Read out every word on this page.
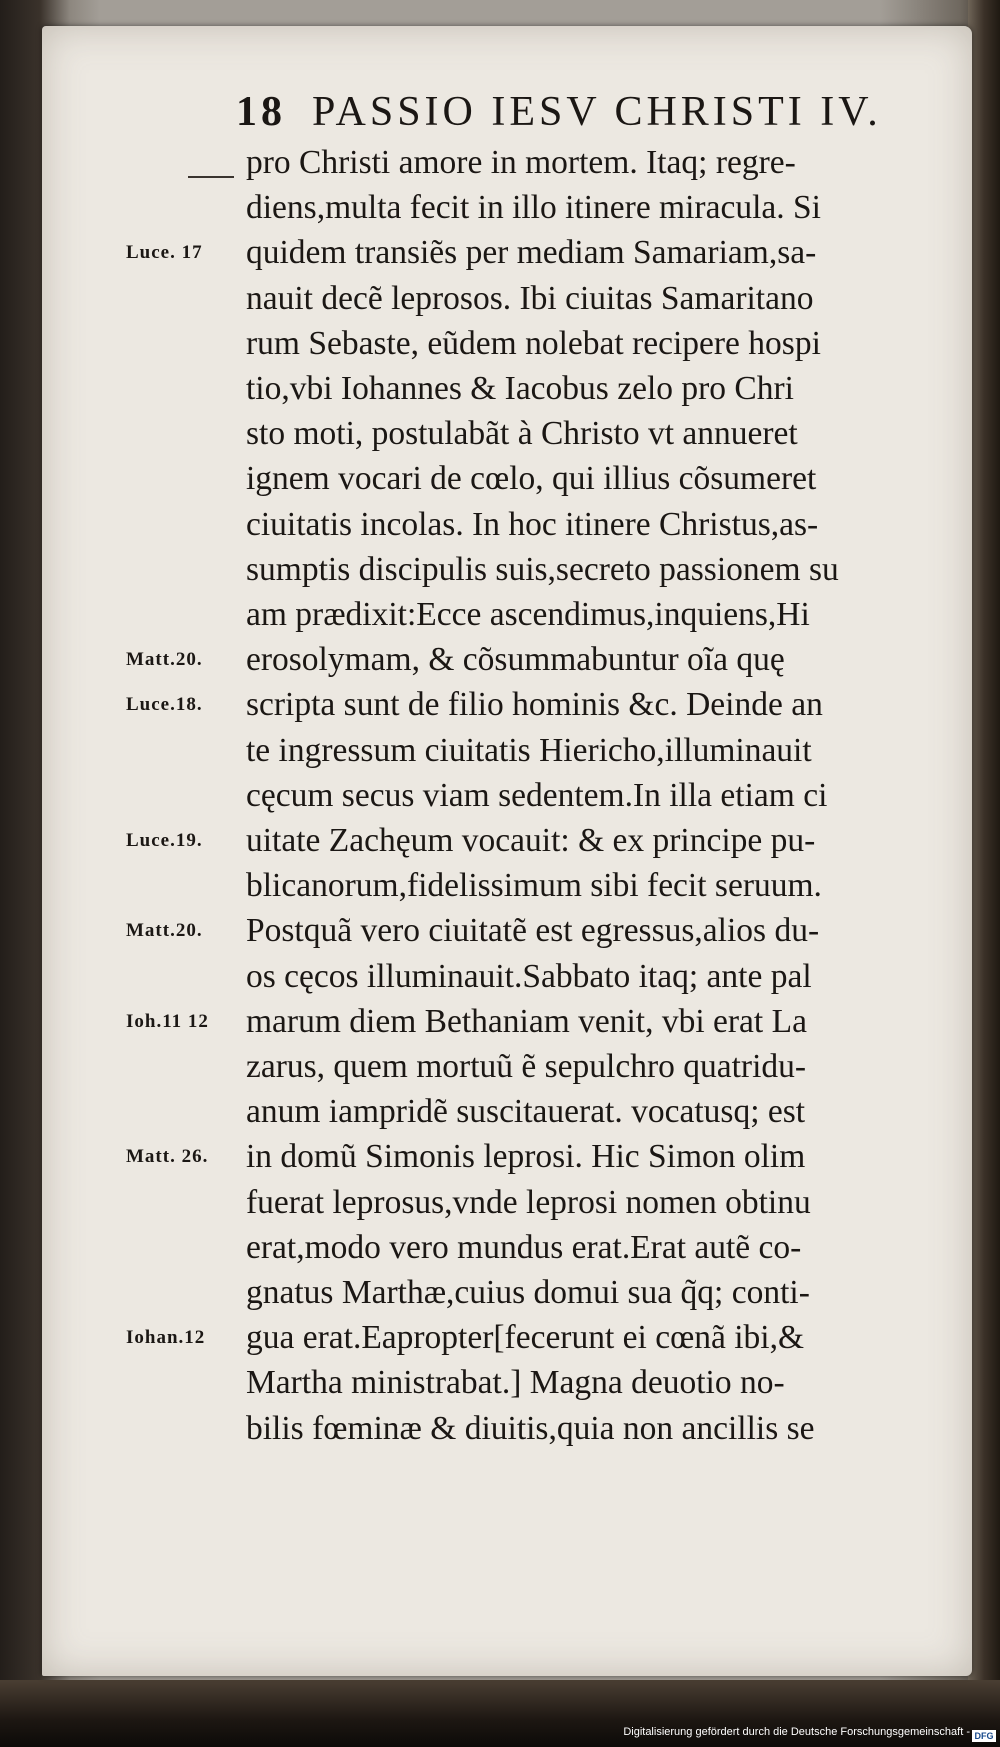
18 PASSIO IESV CHRISTI IV.
pro Christi amore in mortem. Itaq; regre-
diens,multa fecit in illo itinere miracula. Si
quidem transiẽs per mediam Samariam,sa-
nauit decẽ leprosos. Ibi ciuitas Samaritano
rum Sebaste, eũdem nolebat recipere hospi
tio,vbi Iohannes & Iacobus zelo pro Chri
sto moti, postulabãt à Christo vt annueret
ignem vocari de cœlo, qui illius cõsumeret
ciuitatis incolas. In hoc itinere Christus,as-
sumptis discipulis suis,secreto passionem su
am prædixit:Ecce ascendimus,inquiens,Hi
erosolymam, & cõsummabuntur oĩa quę
scripta sunt de filio hominis &c. Deinde an
te ingressum ciuitatis Hiericho,illuminauit
cęcum secus viam sedentem.In illa etiam ci
uitate Zachęum vocauit: & ex principe pu-
blicanorum,fidelissimum sibi fecit seruum.
Postquã vero ciuitatẽ est egressus,alios du-
os cęcos illuminauit.Sabbato itaq; ante pal
marum diem Bethaniam venit, vbi erat La
zarus, quem mortuũ ẽ sepulchro quatridu-
anum iampridẽ suscitauerat. vocatusq; est
in domũ Simonis leprosi. Hic Simon olim
fuerat leprosus,vnde leprosi nomen obtinu
erat,modo vero mundus erat.Erat autẽ co-
gnatus Marthæ,cuius domui sua q̃q; conti-
gua erat.Eapropter[fecerunt ei cœnã ibi,&
Martha ministrabat.] Magna deuotio no-
bilis fœminæ & diuitis,quia non ancillis se
Luce. 17
Matt.20.
Luce.18.
Luce.19.
Matt.20.
Ioh.11 12
Matt. 26.
Iohan.12
Digitalisierung gefördert durch die Deutsche Forschungsgemeinschaft - DFG
